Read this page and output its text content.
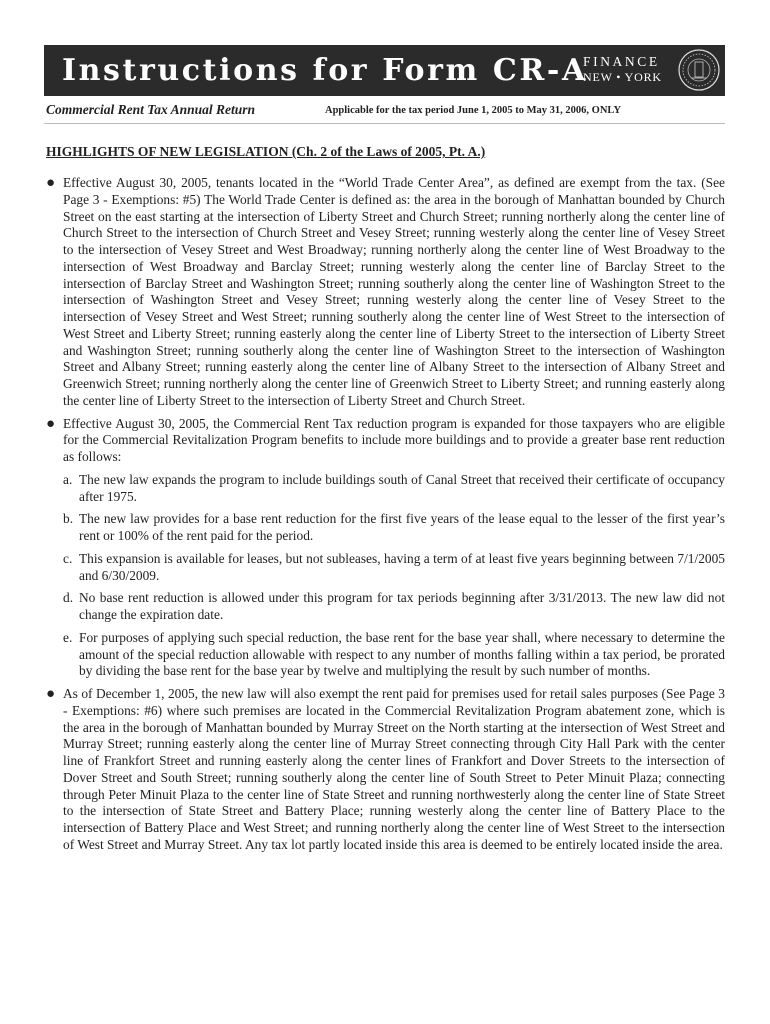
Instructions for Form CR-A
FINANCE
NEW • YORK
Commercial Rent Tax Annual Return	Applicable for the tax period June 1, 2005 to May 31, 2006, ONLY
HIGHLIGHTS OF NEW LEGISLATION (Ch. 2 of the Laws of 2005, Pt. A.)
● Effective August 30, 2005, tenants located in the “World Trade Center Area”, as defined are exempt from the tax. (See Page 3 - Exemptions: #5) The World Trade Center is defined as: the area in the borough of Manhattan bounded by Church Street on the east starting at the intersection of Liberty Street and Church Street; running northerly along the center line of Church Street to the intersection of Church Street and Vesey Street; running westerly along the center line of Vesey Street to the intersection of Vesey Street and West Broadway; running northerly along the center line of West Broadway to the intersection of West Broadway and Barclay Street; running westerly along the center line of Barclay Street to the intersection of Barclay Street and Washington Street; running southerly along the center line of Washington Street to the intersection of Washington Street and Vesey Street; running westerly along the center line of Vesey Street to the intersection of Vesey Street and West Street; running southerly along the center line of West Street to the intersection of West Street and Liberty Street; running easterly along the center line of Liberty Street to the intersection of Liberty Street and Washington Street; running southerly along the center line of Washington Street to the intersection of Washington Street and Albany Street; running easterly along the center line of Albany Street to the intersection of Albany Street and Greenwich Street; running northerly along the center line of Greenwich Street to Liberty Street; and running easterly along the center line of Liberty Street to the intersection of Liberty Street and Church Street.
● Effective August 30, 2005, the Commercial Rent Tax reduction program is expanded for those taxpayers who are eligible for the Commercial Revitalization Program benefits to include more buildings and to provide a greater base rent reduction as follows:
a. The new law expands the program to include buildings south of Canal Street that received their certificate of occupancy after 1975.
b. The new law provides for a base rent reduction for the first five years of the lease equal to the lesser of the first year’s rent or 100% of the rent paid for the period.
c. This expansion is available for leases, but not subleases, having a term of at least five years beginning between 7/1/2005 and 6/30/2009.
d. No base rent reduction is allowed under this program for tax periods beginning after 3/31/2013. The new law did not change the expiration date.
e. For purposes of applying such special reduction, the base rent for the base year shall, where necessary to determine the amount of the special reduction allowable with respect to any number of months falling within a tax period, be prorated by dividing the base rent for the base year by twelve and multiplying the result by such number of months.
● As of December 1, 2005, the new law will also exempt the rent paid for premises used for retail sales purposes (See Page 3 - Exemptions: #6) where such premises are located in the Commercial Revitalization Program abatement zone, which is the area in the borough of Manhattan bounded by Murray Street on the North starting at the intersection of West Street and Murray Street; running easterly along the center line of Murray Street connecting through City Hall Park with the center line of Frankfort Street and running easterly along the center lines of Frankfort and Dover Streets to the intersection of Dover Street and South Street; running southerly along the center line of South Street to Peter Minuit Plaza; connecting through Peter Minuit Plaza to the center line of State Street and running northwesterly along the center line of State Street to the intersection of State Street and Battery Place; running westerly along the center line of Battery Place to the intersection of Battery Place and West Street; and running northerly along the center line of West Street to the intersection of West Street and Murray Street. Any tax lot partly located inside this area is deemed to be entirely located inside the area.
